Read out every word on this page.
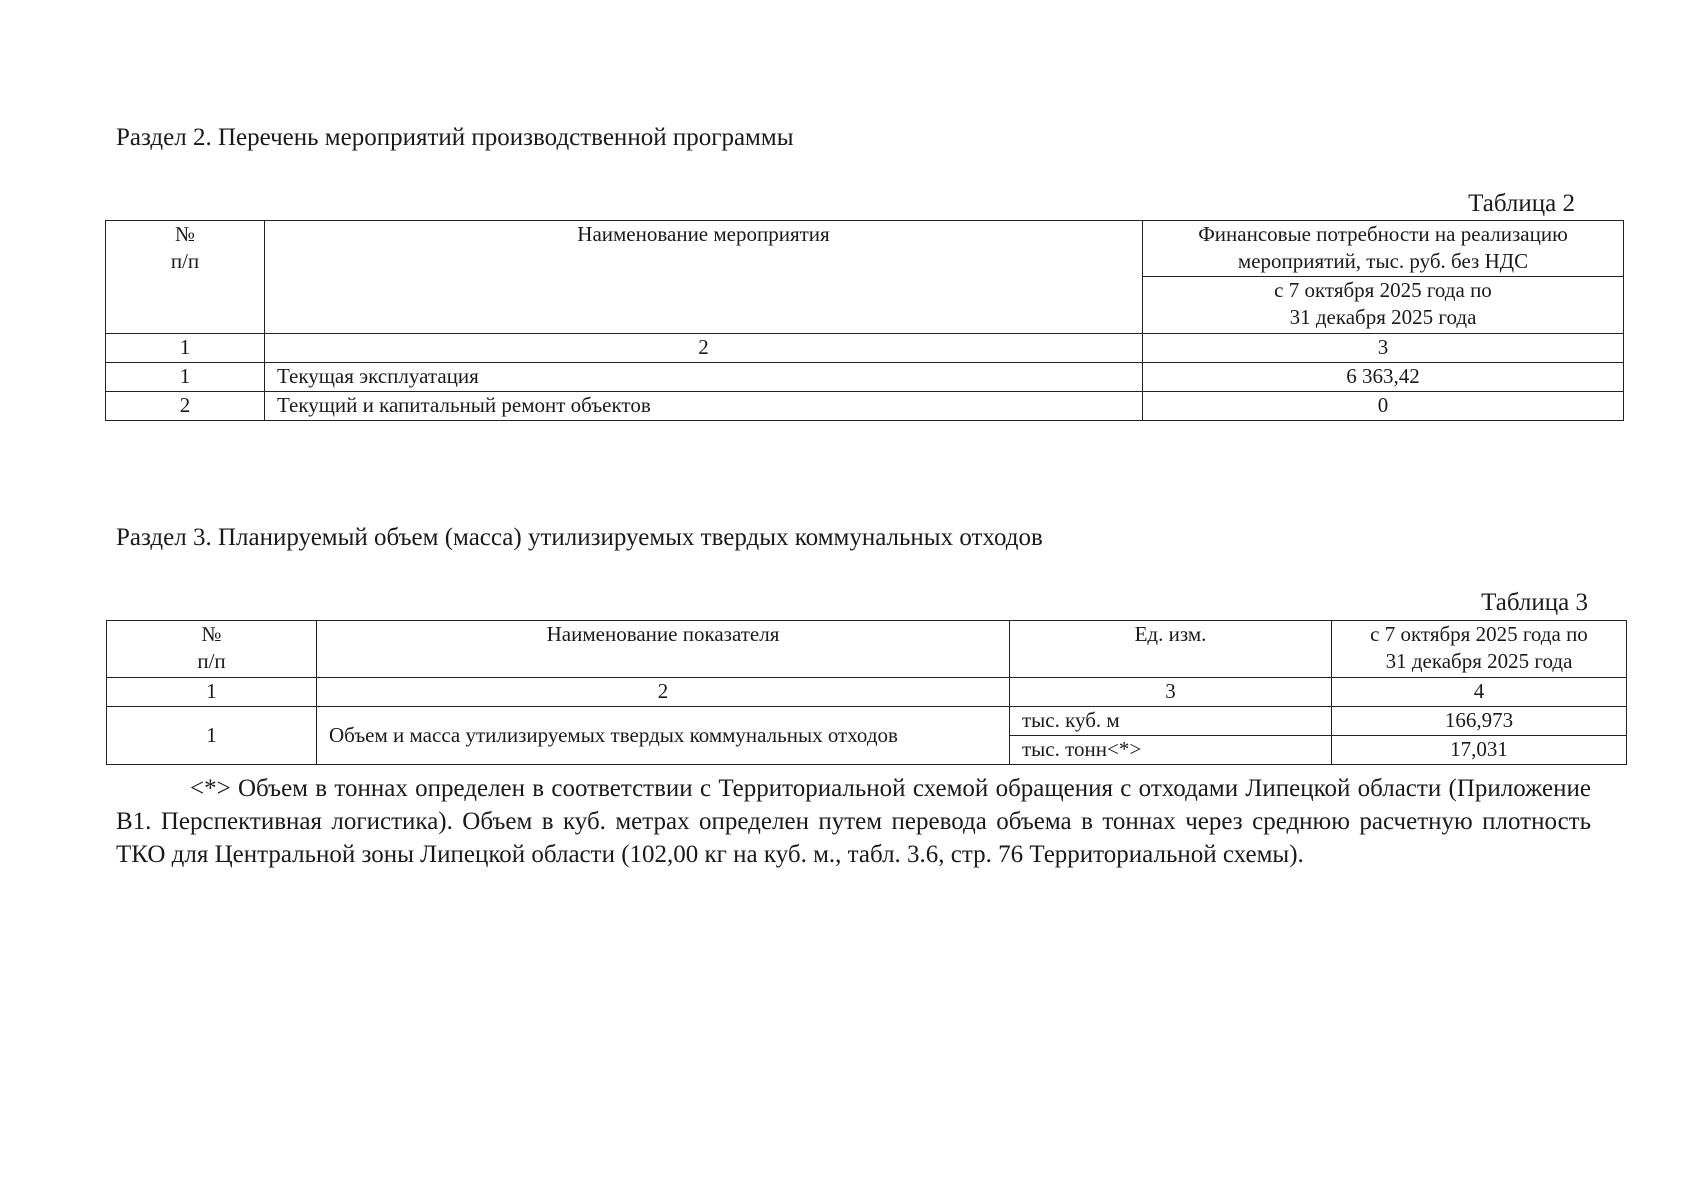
Раздел 2. Перечень мероприятий производственной программы
Таблица 2
№
п/п	Наименование мероприятия	Финансовые потребности на реализацию мероприятий, тыс. руб. без НДС
		с 7 октября 2025 года по
31 декабря 2025 года
1	2	3
1	Текущая эксплуатация	6 363,42
2	Текущий и капитальный ремонт объектов	0
Раздел 3. Планируемый объем (масса) утилизируемых твердых коммунальных отходов
Таблица 3
№
п/п	Наименование показателя	Ед. изм.	с 7 октября 2025 года по
31 декабря 2025 года
1	2	3	4
1	Объем и масса утилизируемых твердых коммунальных отходов	тыс. куб. м	166,973
		тыс. тонн<*>	17,031
<*> Объем в тоннах определен в соответствии с Территориальной схемой обращения с отходами Липецкой области (Приложение В1. Перспективная логистика). Объем в куб. метрах определен путем перевода объема в тоннах через среднюю расчетную плотность ТКО для Центральной зоны Липецкой области (102,00 кг на куб. м., табл. 3.6, стр. 76 Территориальной схемы).
